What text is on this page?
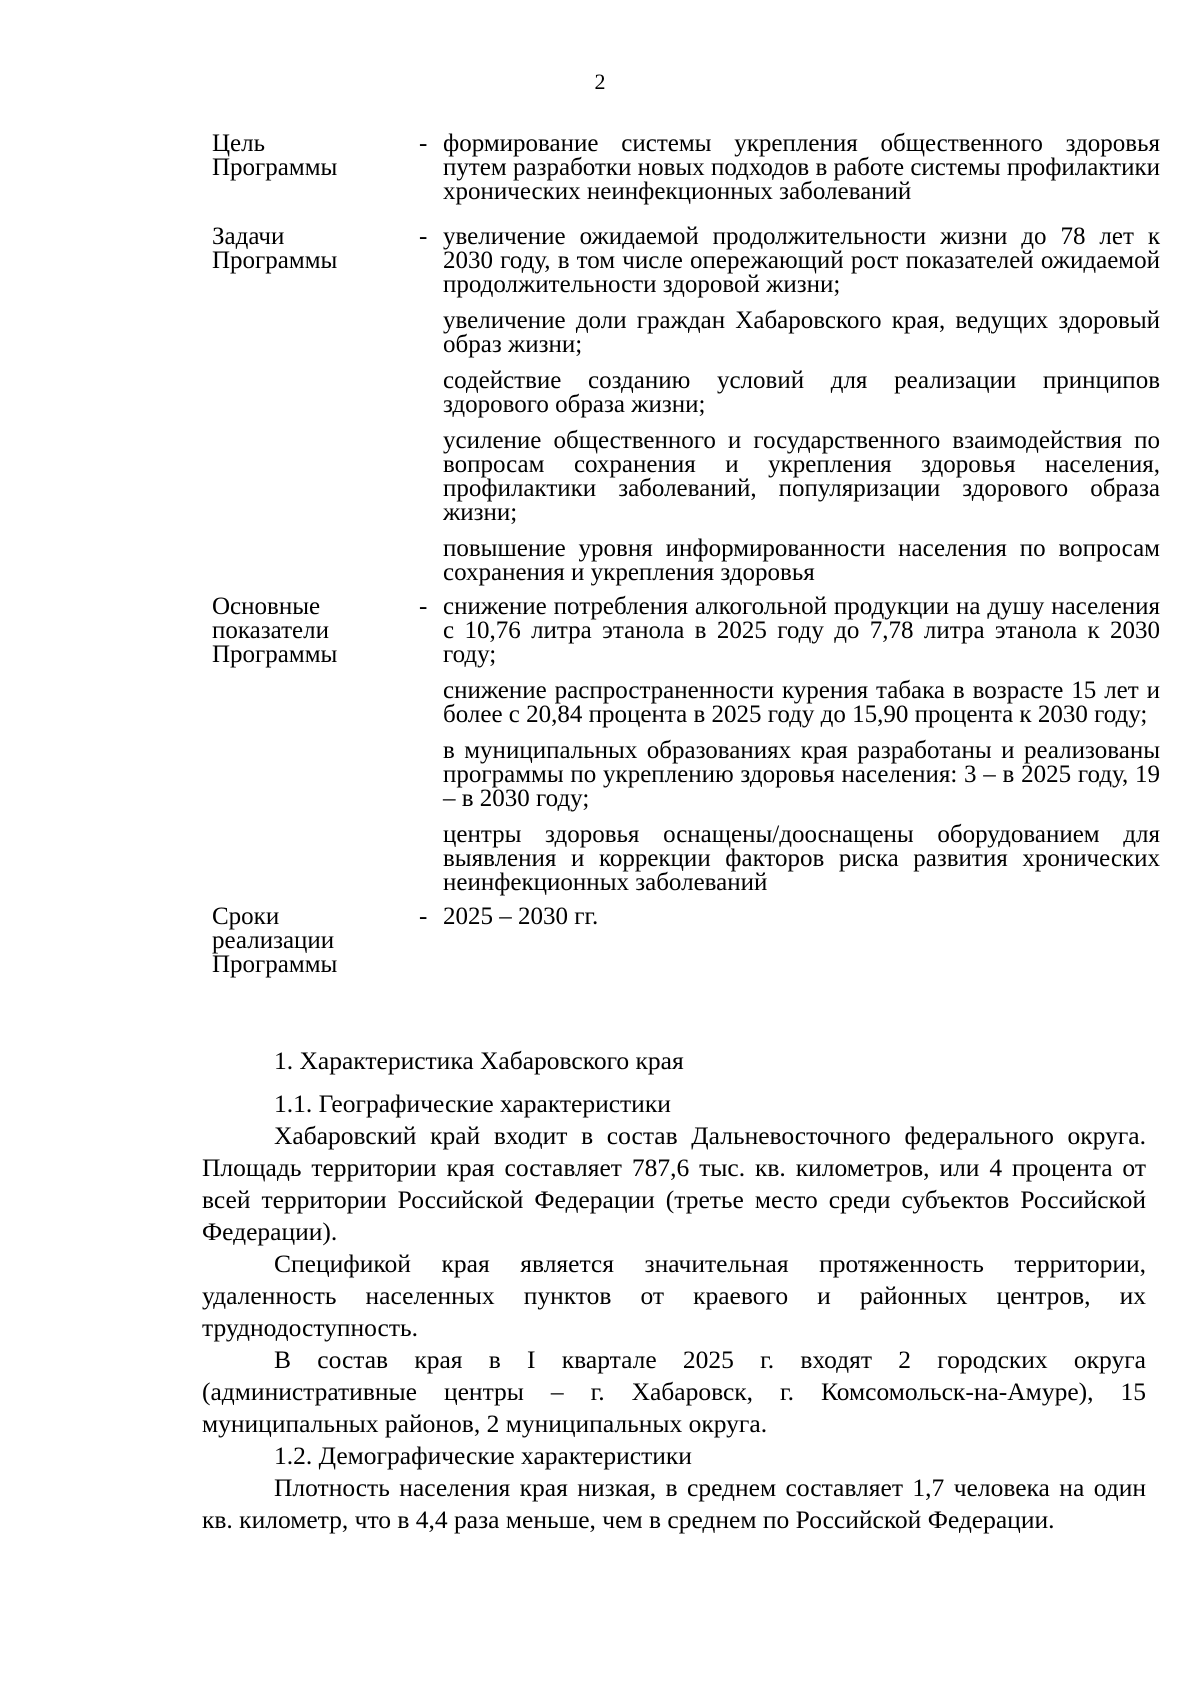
2
Цель
Программы
- формирование системы укрепления общественного здоровья путем разработки новых подходов в работе системы профилактики хронических неинфекционных заболеваний

Задачи
Программы
- увеличение ожидаемой продолжительности жизни до 78 лет к 2030 году, в том числе опережающий рост показателей ожидаемой продолжительности здоровой жизни;

увеличение доли граждан Хабаровского края, ведущих здоровый образ жизни;

содействие созданию условий для реализации принципов здорового образа жизни;

усиление общественного и государственного взаимодействия по вопросам сохранения и укрепления здоровья населения, профилактики заболеваний, популяризации здорового образа жизни;

повышение уровня информированности населения по вопросам сохранения и укрепления здоровья

Основные
показатели
Программы
- снижение потребления алкогольной продукции на душу населения с 10,76 литра этанола в 2025 году до 7,78 литра этанола к 2030 году;

снижение распространенности курения табака в возрасте 15 лет и более с 20,84 процента в 2025 году до 15,90 процента к 2030 году;

в муниципальных образованиях края разработаны и реализованы программы по укреплению здоровья населения: 3 – в 2025 году, 19 – в 2030 году;

центры здоровья оснащены/дооснащены оборудованием для выявления и коррекции факторов риска развития хронических неинфекционных заболеваний

Сроки
реализации
Программы
- 2025 – 2030 гг.

1. Характеристика Хабаровского края

1.1. Географические характеристики

Хабаровский край входит в состав Дальневосточного федерального округа. Площадь территории края составляет 787,6 тыс. кв. километров, или 4 процента от всей территории Российской Федерации (третье место среди субъектов Российской Федерации).

Спецификой края является значительная протяженность территории, удаленность населенных пунктов от краевого и районных центров, их труднодоступность.

В состав края в I квартале 2025 г. входят 2 городских округа (административные центры – г. Хабаровск, г. Комсомольск-на-Амуре), 15 муниципальных районов, 2 муниципальных округа.

1.2. Демографические характеристики

Плотность населения края низкая, в среднем составляет 1,7 человека на один кв. километр, что в 4,4 раза меньше, чем в среднем по Российской Федерации.
